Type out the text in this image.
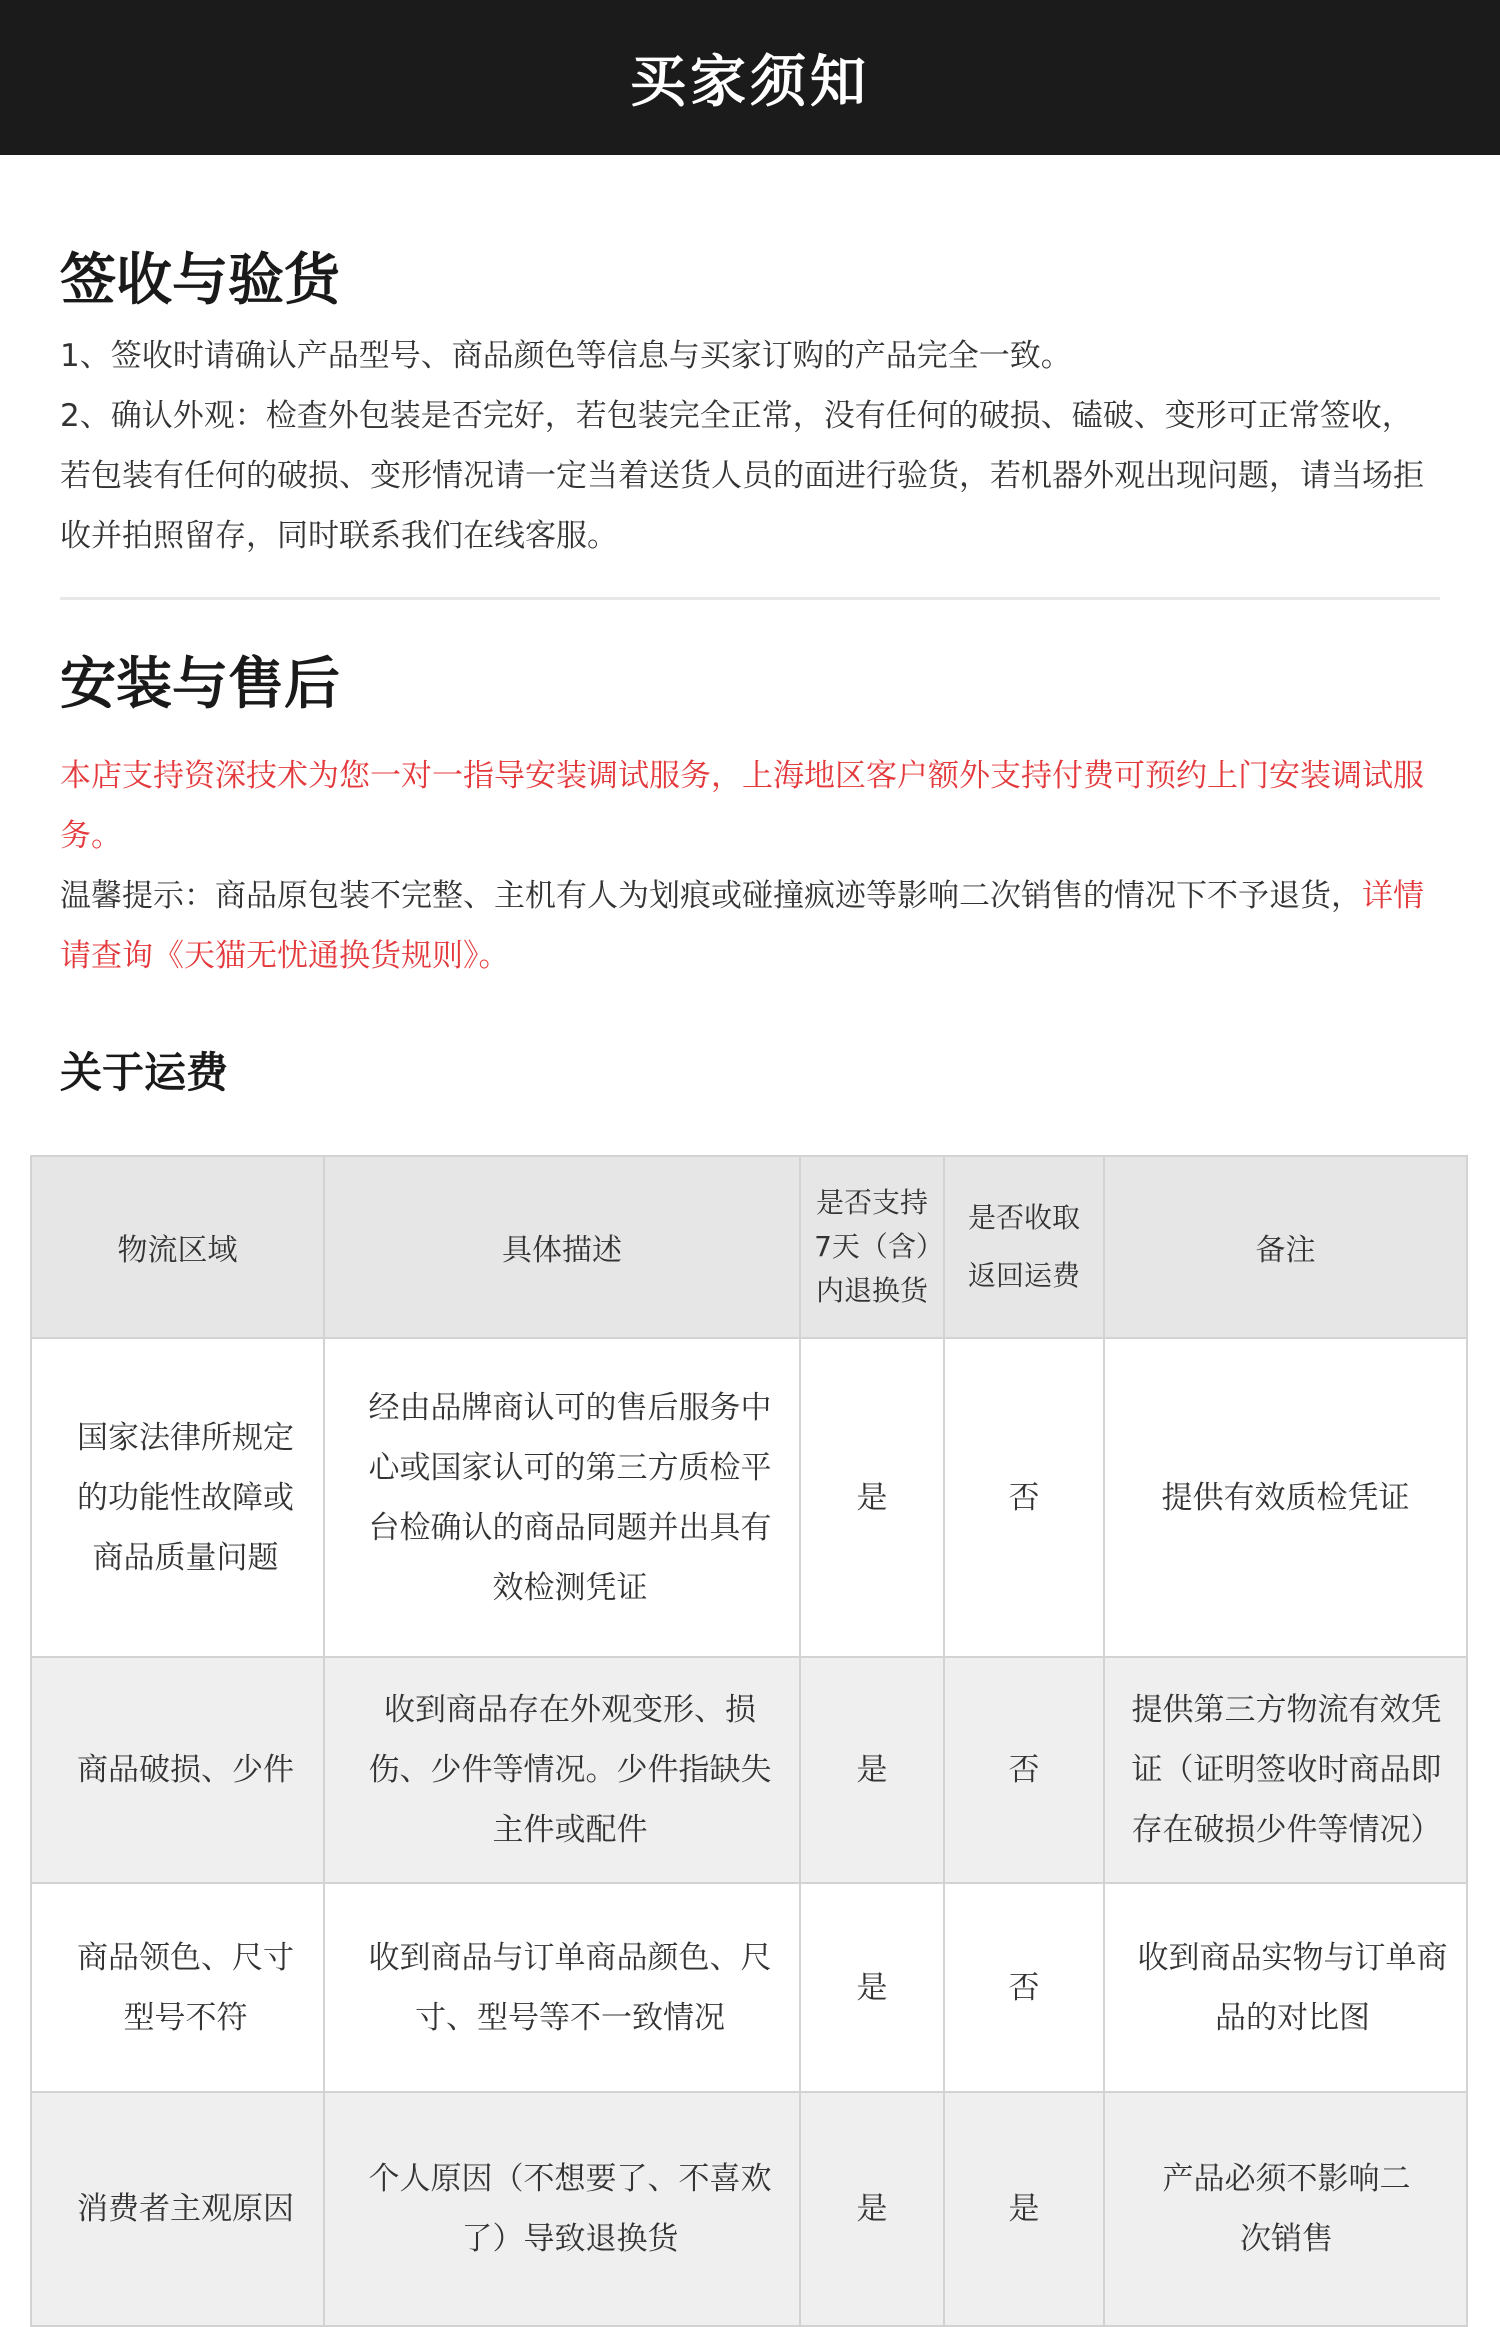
买家须知
签收与验货

1、签收时请确认产品型号、商品颜色等信息与买家订购的产品完全一致。

2、确认外观：检查外包装是否完好，若包装完全正常，没有任何的破损、磕破、变形可正常签收，若包装有任何的破损、变形情况请一定当着送货人员的面进行验货，若机器外观出现问题，请当场拒收并拍照留存，同时联系我们在线客服。

安装与售后

本店支持资深技术为您一对一指导安装调试服务，上海地区客户额外支持付费可预约上门安装调试服务。

温馨提示：商品原包装不完整、主机有人为划痕或碰撞疯迹等影响二次销售的情况下不予退货，详情请查询《天猫无忧通换货规则》。

关于运费
物流区域	具体描述	是否支持7天（含）内退换货	是否收取返回运费	备注
国家法律所规定的功能性故障或商品质量问题	经由品牌商认可的售后服务中心或国家认可的第三方质检平台检确认的商品同题并出具有效检测凭证	是	否	提供有效质检凭证
商品破损、少件	收到商品存在外观变形、损伤、少件等情况。少件指缺失主件或配件	是	否	提供第三方物流有效凭证（证明签收时商品即存在破损少件等情况）
商品领色、尺寸型号不符	收到商品与订单商品颜色、尺寸、型号等不一致情况	是	否	收到商品实物与订单商品的对比图
消费者主观原因	个人原因（不想要了、不喜欢了）导致退换货	是	是	产品必须不影响二次销售
